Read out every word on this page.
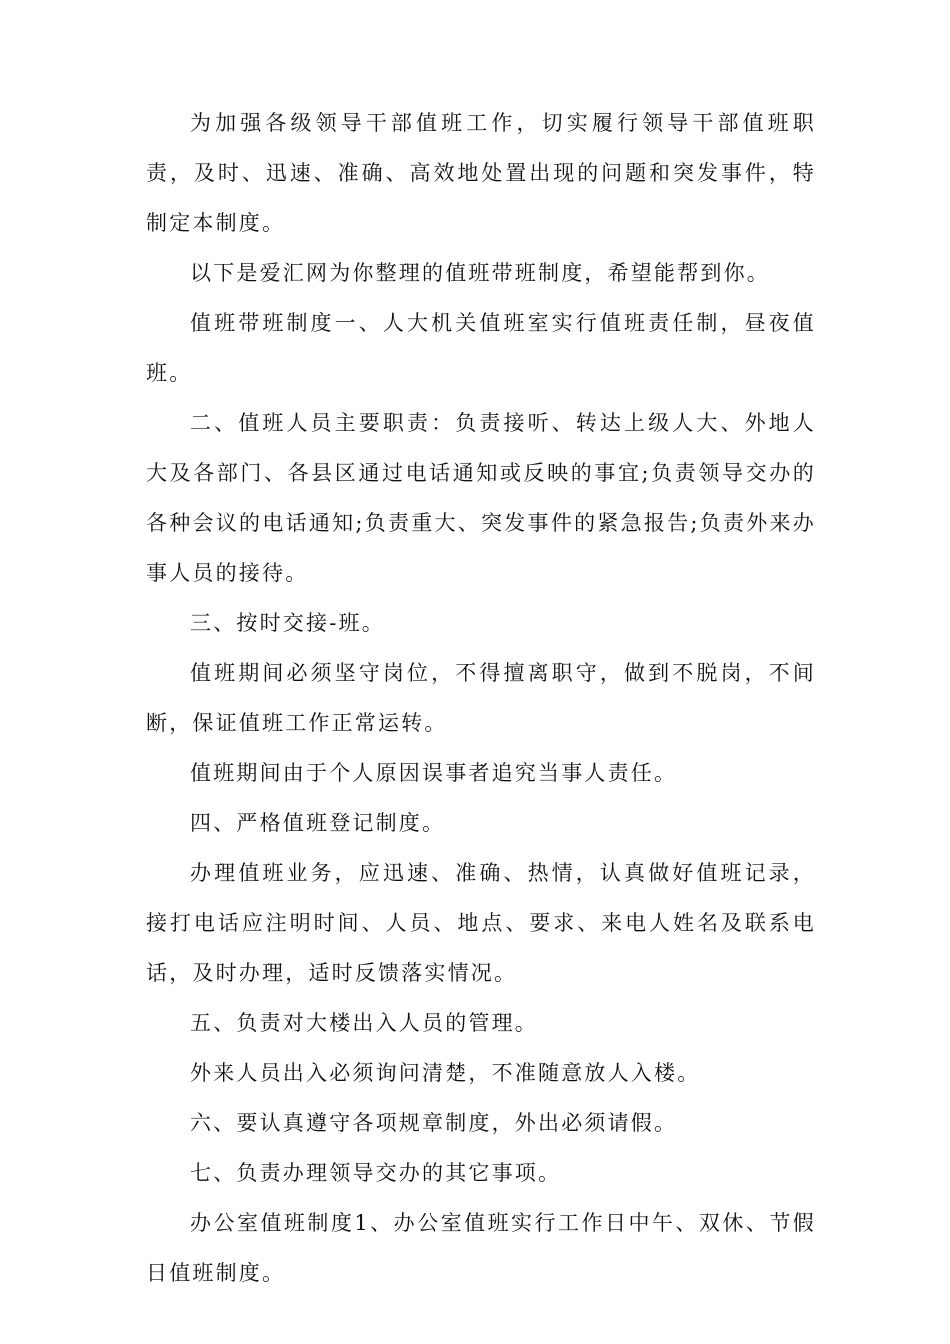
为加强各级领导干部值班工作，切实履行领导干部值班职责，及时、迅速、准确、高效地处置出现的问题和突发事件，特制定本制度。

以下是爱汇网为你整理的值班带班制度，希望能帮到你。

值班带班制度一、人大机关值班室实行值班责任制，昼夜值班。

二、值班人员主要职责：负责接听、转达上级人大、外地人大及各部门、各县区通过电话通知或反映的事宜;负责领导交办的各种会议的电话通知;负责重大、突发事件的紧急报告;负责外来办事人员的接待。

三、按时交接-班。

值班期间必须坚守岗位，不得擅离职守，做到不脱岗，不间断，保证值班工作正常运转。

值班期间由于个人原因误事者追究当事人责任。

四、严格值班登记制度。

办理值班业务，应迅速、准确、热情，认真做好值班记录，接打电话应注明时间、人员、地点、要求、来电人姓名及联系电话，及时办理，适时反馈落实情况。

五、负责对大楼出入人员的管理。

外来人员出入必须询问清楚，不准随意放人入楼。

六、要认真遵守各项规章制度，外出必须请假。

七、负责办理领导交办的其它事项。

办公室值班制度1、办公室值班实行工作日中午、双休、节假日值班制度。
